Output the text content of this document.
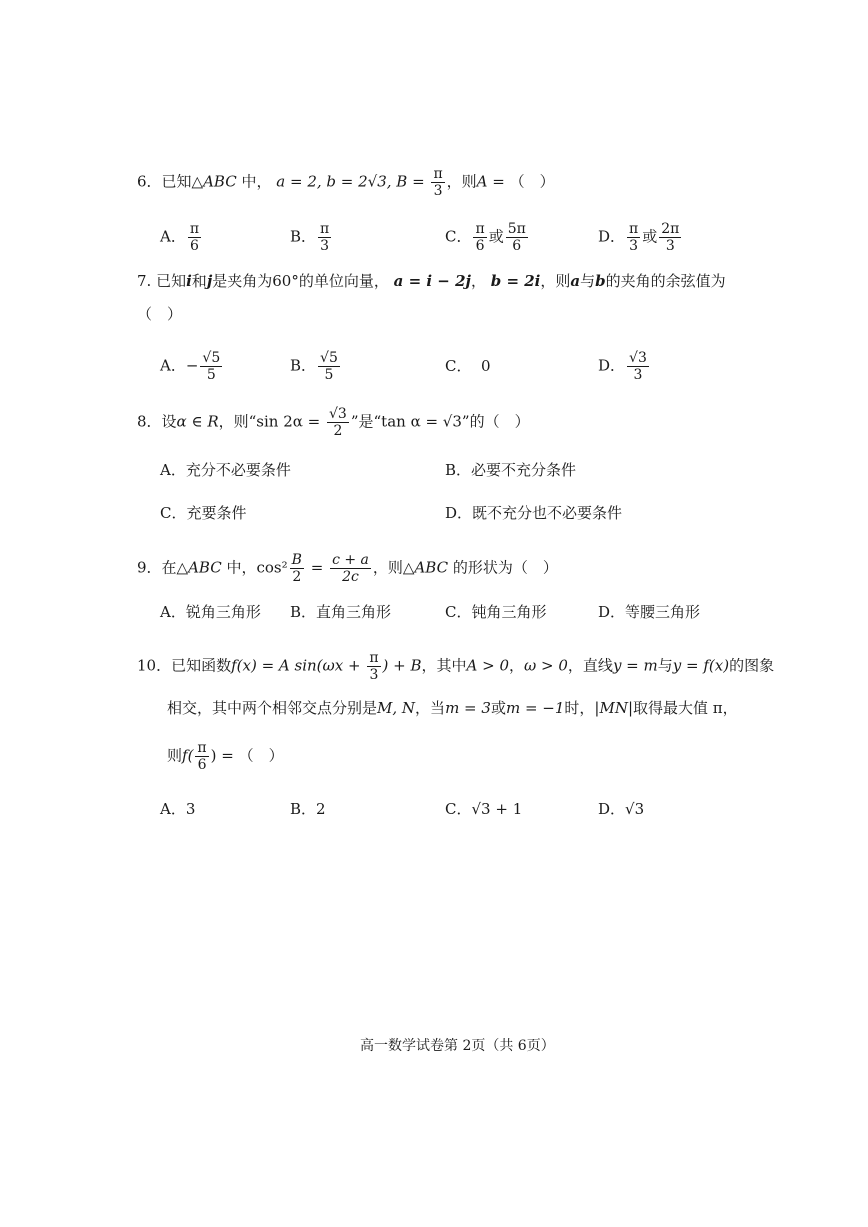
6．已知△ABC 中， a = 2, b = 2√3, $B = \frac{\pi}{3}$ ，则A = （　）
A． $\frac{\pi}{6}$	B． $\frac{\pi}{3}$	C． $\frac{\pi}{6}$ 或 $\frac{5\pi}{6}$	D． $\frac{\pi}{3}$ 或 $\frac{2\pi}{3}$
7. 已知i和j是夹角为60°的单位向量， a = i − 2j， b = 2i，则a与b的夹角的余弦值为
（　）
A．− $\frac{√5}{5}$	B． $\frac{√5}{5}$	C． 0	D． $\frac{√3}{3}$
8．设α ∈ R，则“sin $2\alpha = \frac{√3}{2}$ ”是“tan α = √3”的（　）
A．充分不必要条件	B．必要不充分条件
C．充要条件	D．既不充分也不必要条件
9．在△ABC 中，$\cos^2 \frac{B}{2} = \frac{c + a}{2c}$ ，则△ABC 的形状为（　）
A．锐角三角形 B．直角三角形	C．钝角三角形	D．等腰三角形
10．已知函数f(x) = A $\sin(\omega x + \frac{\pi}{3}$ ) + B，其中A > 0，ω > 0，直线y = m与y = f(x)的图象
相交，其中两个相邻交点分别是M, N，当m = 3或m = −1时，|MN|取得最大值 π，
则$f( \frac{\pi}{6}$ ) = （　）
A．3	B．2	C．√3 + 1	D．√3
高一数学试卷第 2页（共 6页）
